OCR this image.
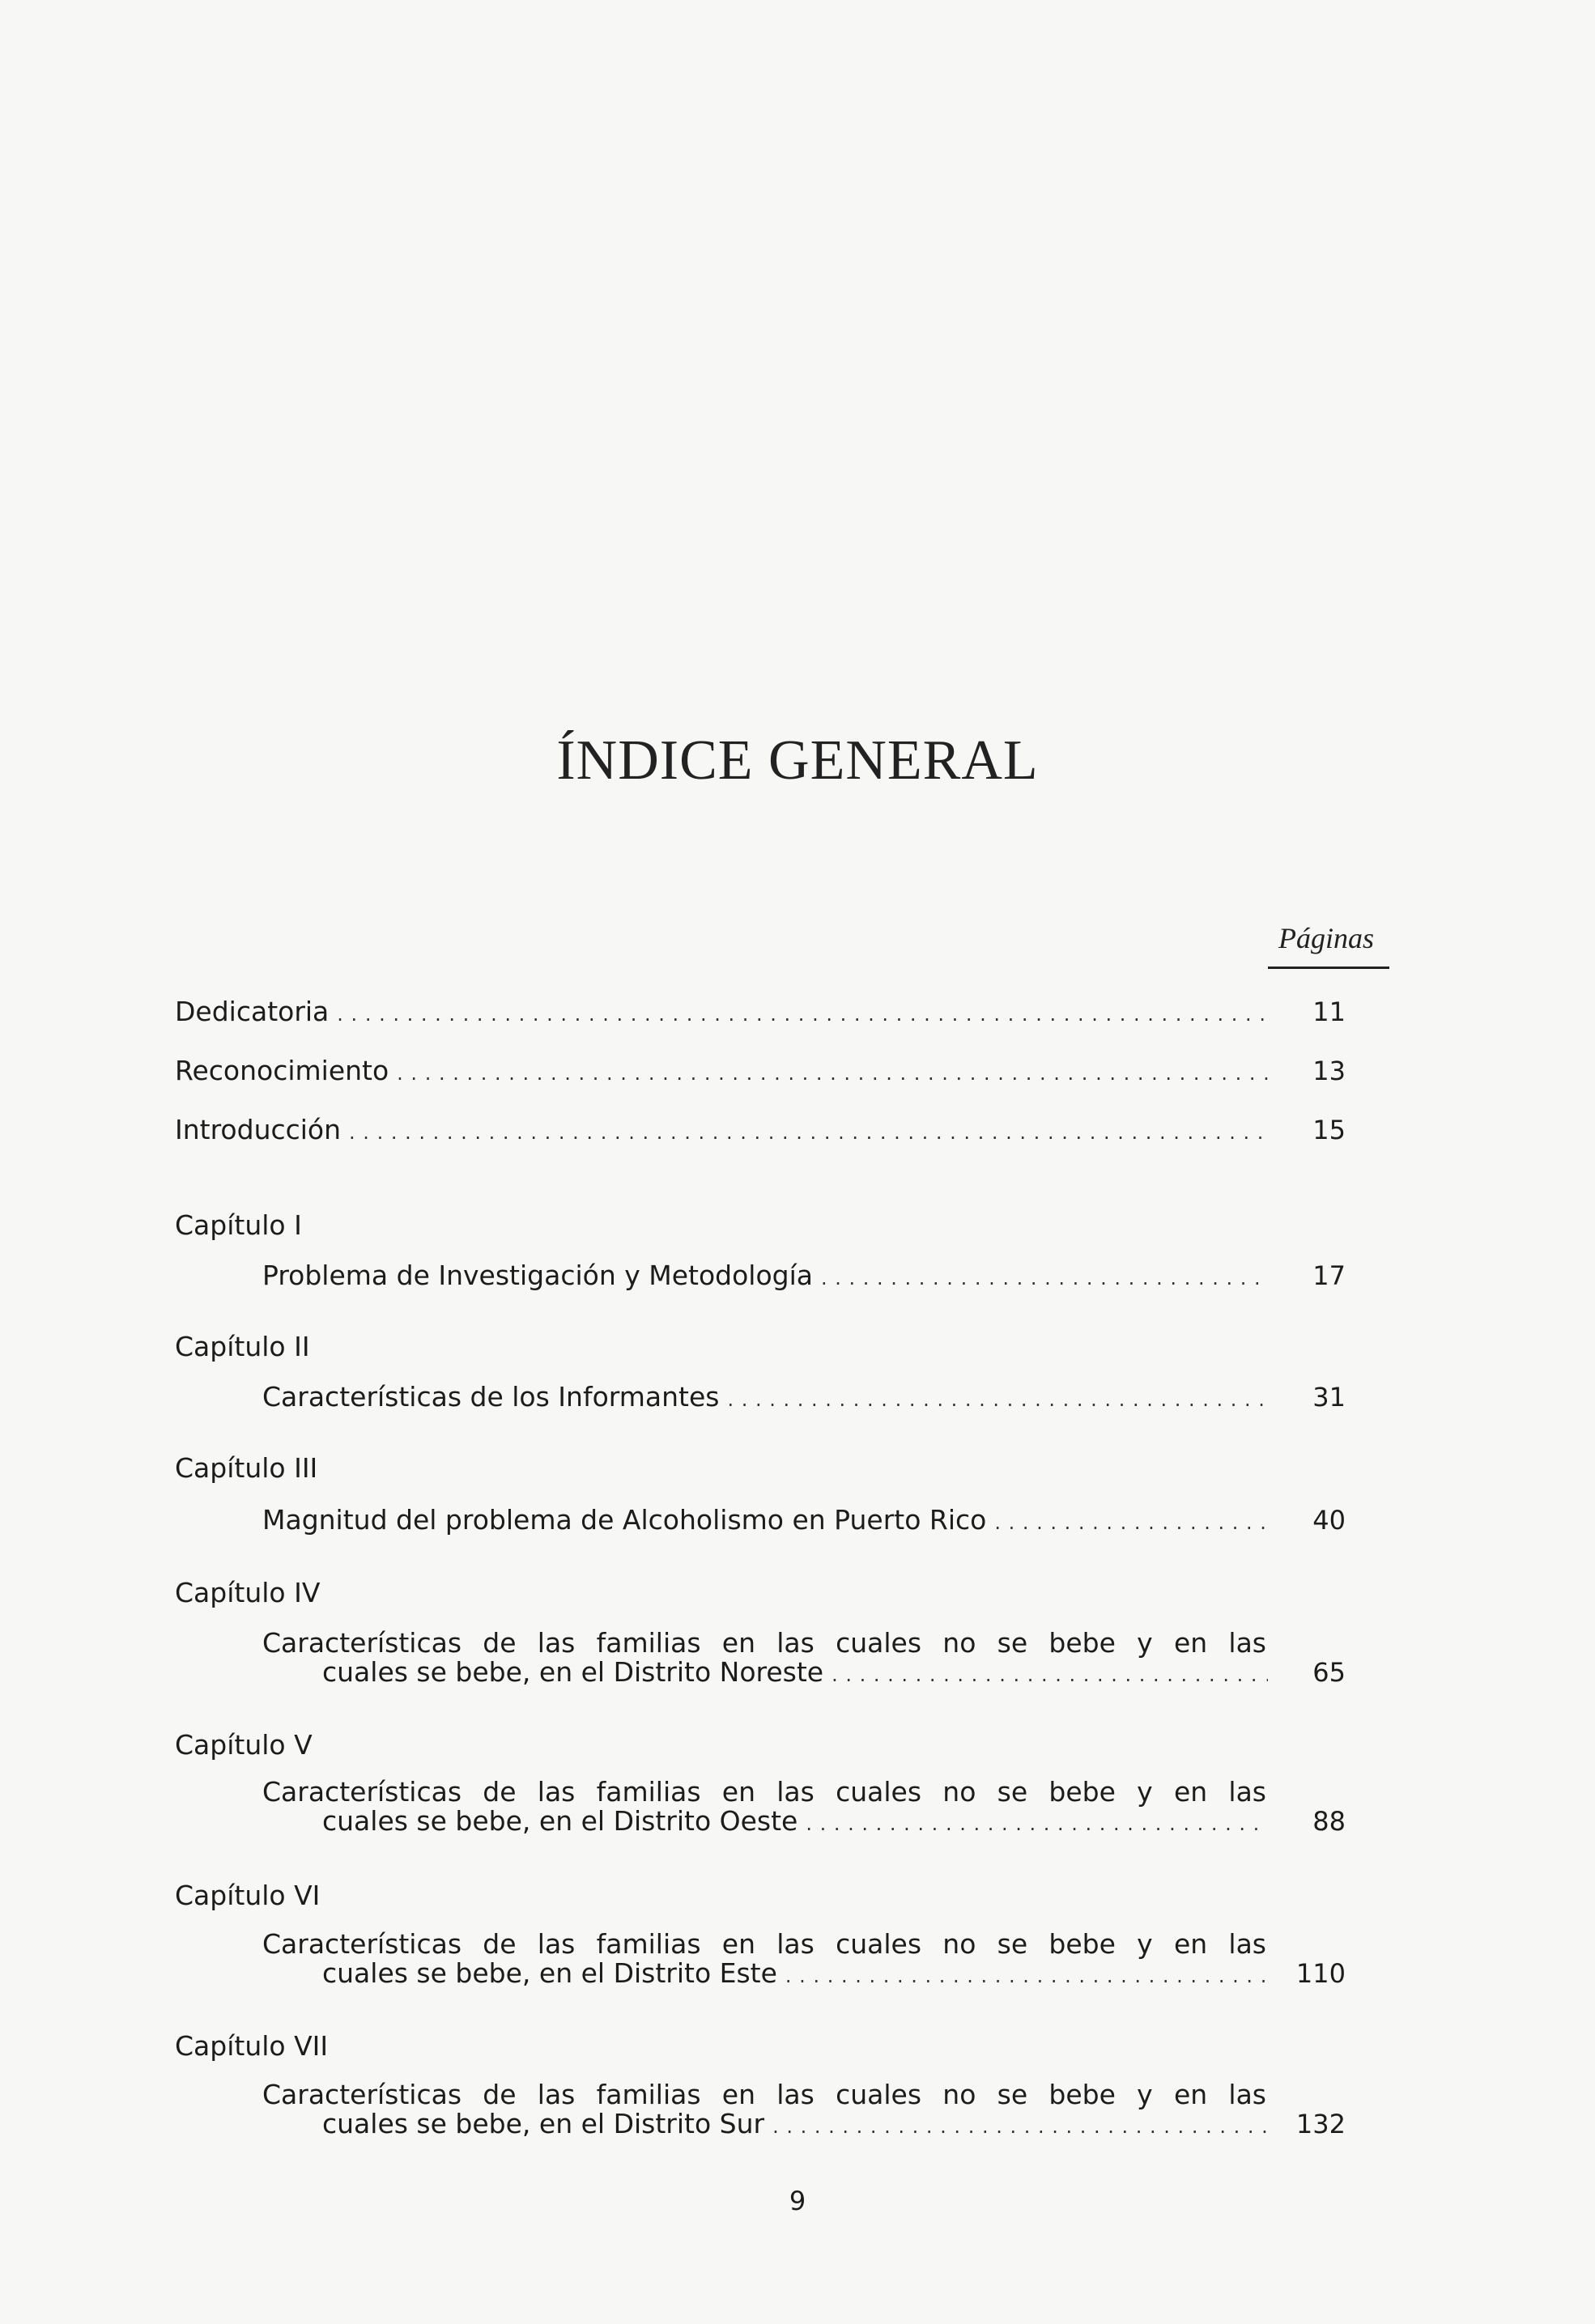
ÍNDICE GENERAL
Páginas
Dedicatoria . . .	11
Reconocimiento . . .	13
Introducción . . .	15
Capítulo I
Problema de Investigación y Metodología . . .	17
Capítulo II
Características de los Informantes . . .	31
Capítulo III
Magnitud del problema de Alcoholismo en Puerto Rico . . .	40
Capítulo IV
Características de las familias en las cuales no se bebe y en las
cuales se bebe, en el Distrito Noreste . . .	65
Capítulo V
Características de las familias en las cuales no se bebe y en las
cuales se bebe, en el Distrito Oeste . . .	88
Capítulo VI
Características de las familias en las cuales no se bebe y en las
cuales se bebe, en el Distrito Este . . .	110
Capítulo VII
Características de las familias en las cuales no se bebe y en las
cuales se bebe, en el Distrito Sur . . .	132
9
